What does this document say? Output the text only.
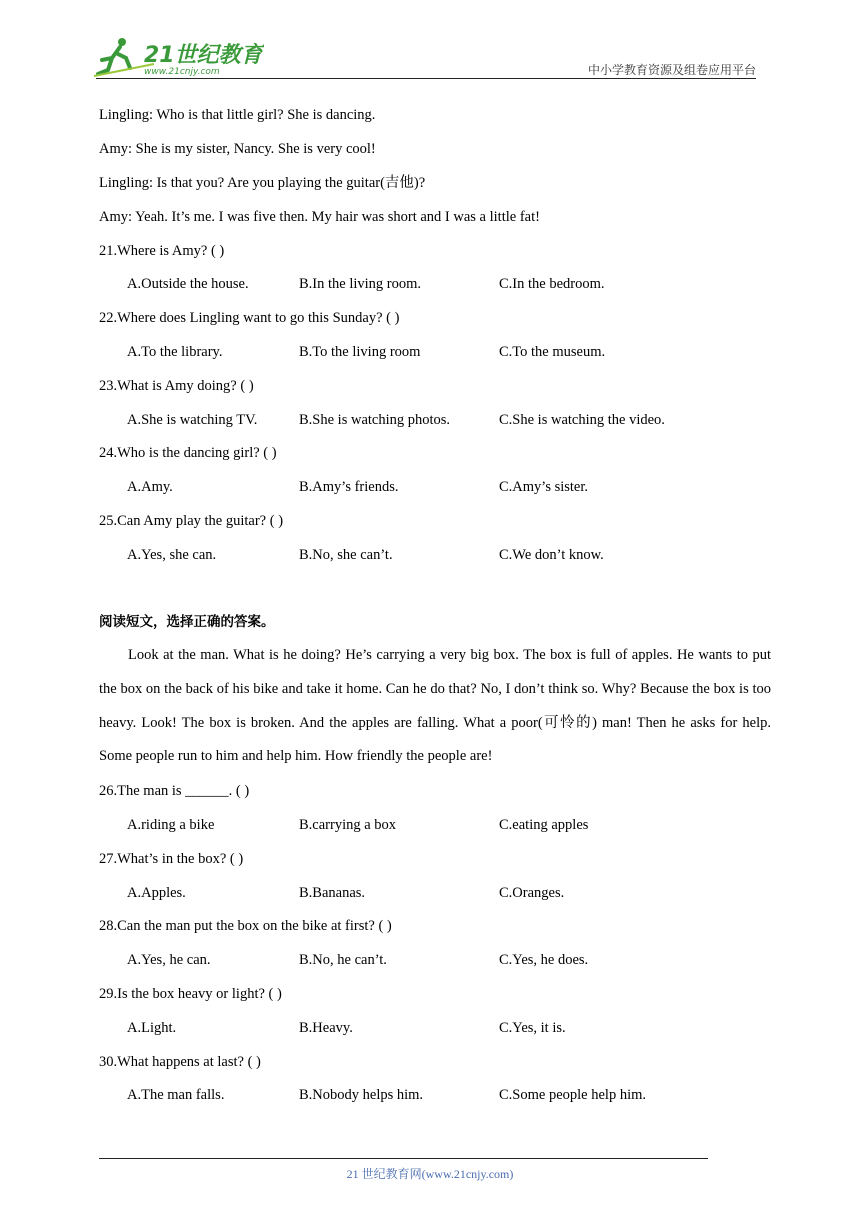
21世纪教育
www.21cnjy.com	中小学教育资源及组卷应用平台
Lingling: Who is that little girl? She is dancing.
Amy: She is my sister, Nancy. She is very cool!
Lingling: Is that you? Are you playing the guitar(吉他)?
Amy: Yeah. It’s me. I was five then. My hair was short and I was a little fat!
21.Where is Amy? ( )
A.Outside the house.	B.In the living room.	C.In the bedroom.
22.Where does Lingling want to go this Sunday? ( )
A.To the library.	B.To the living room	C.To the museum.
23.What is Amy doing? ( )
A.She is watching TV.	B.She is watching photos.	C.She is watching the video.
24.Who is the dancing girl? ( )
A.Amy.	B.Amy’s friends.	C.Amy’s sister.
25.Can Amy play the guitar? ( )
A.Yes, she can.	B.No, she can’t.	C.We don’t know.
阅读短文，选择正确的答案。

Look at the man. What is he doing? He’s carrying a very big box. The box is full of apples. He wants to put the box on the back of his bike and take it home. Can he do that? No, I don’t think so. Why? Because the box is too heavy. Look! The box is broken. And the apples are falling. What a poor(可怜的) man! Then he asks for help. Some people run to him and help him. How friendly the people are!

26.The man is ______. ( )
A.riding a bike	B.carrying a box	C.eating apples
27.What’s in the box? ( )
A.Apples.	B.Bananas.	C.Oranges.
28.Can the man put the box on the bike at first? ( )
A.Yes, he can.	B.No, he can’t.	C.Yes, he does.
29.Is the box heavy or light? ( )
A.Light.	B.Heavy.	C.Yes, it is.
30.What happens at last? ( )
A.The man falls.	B.Nobody helps him.	C.Some people help him.
21 世纪教育网(www.21cnjy.com)
